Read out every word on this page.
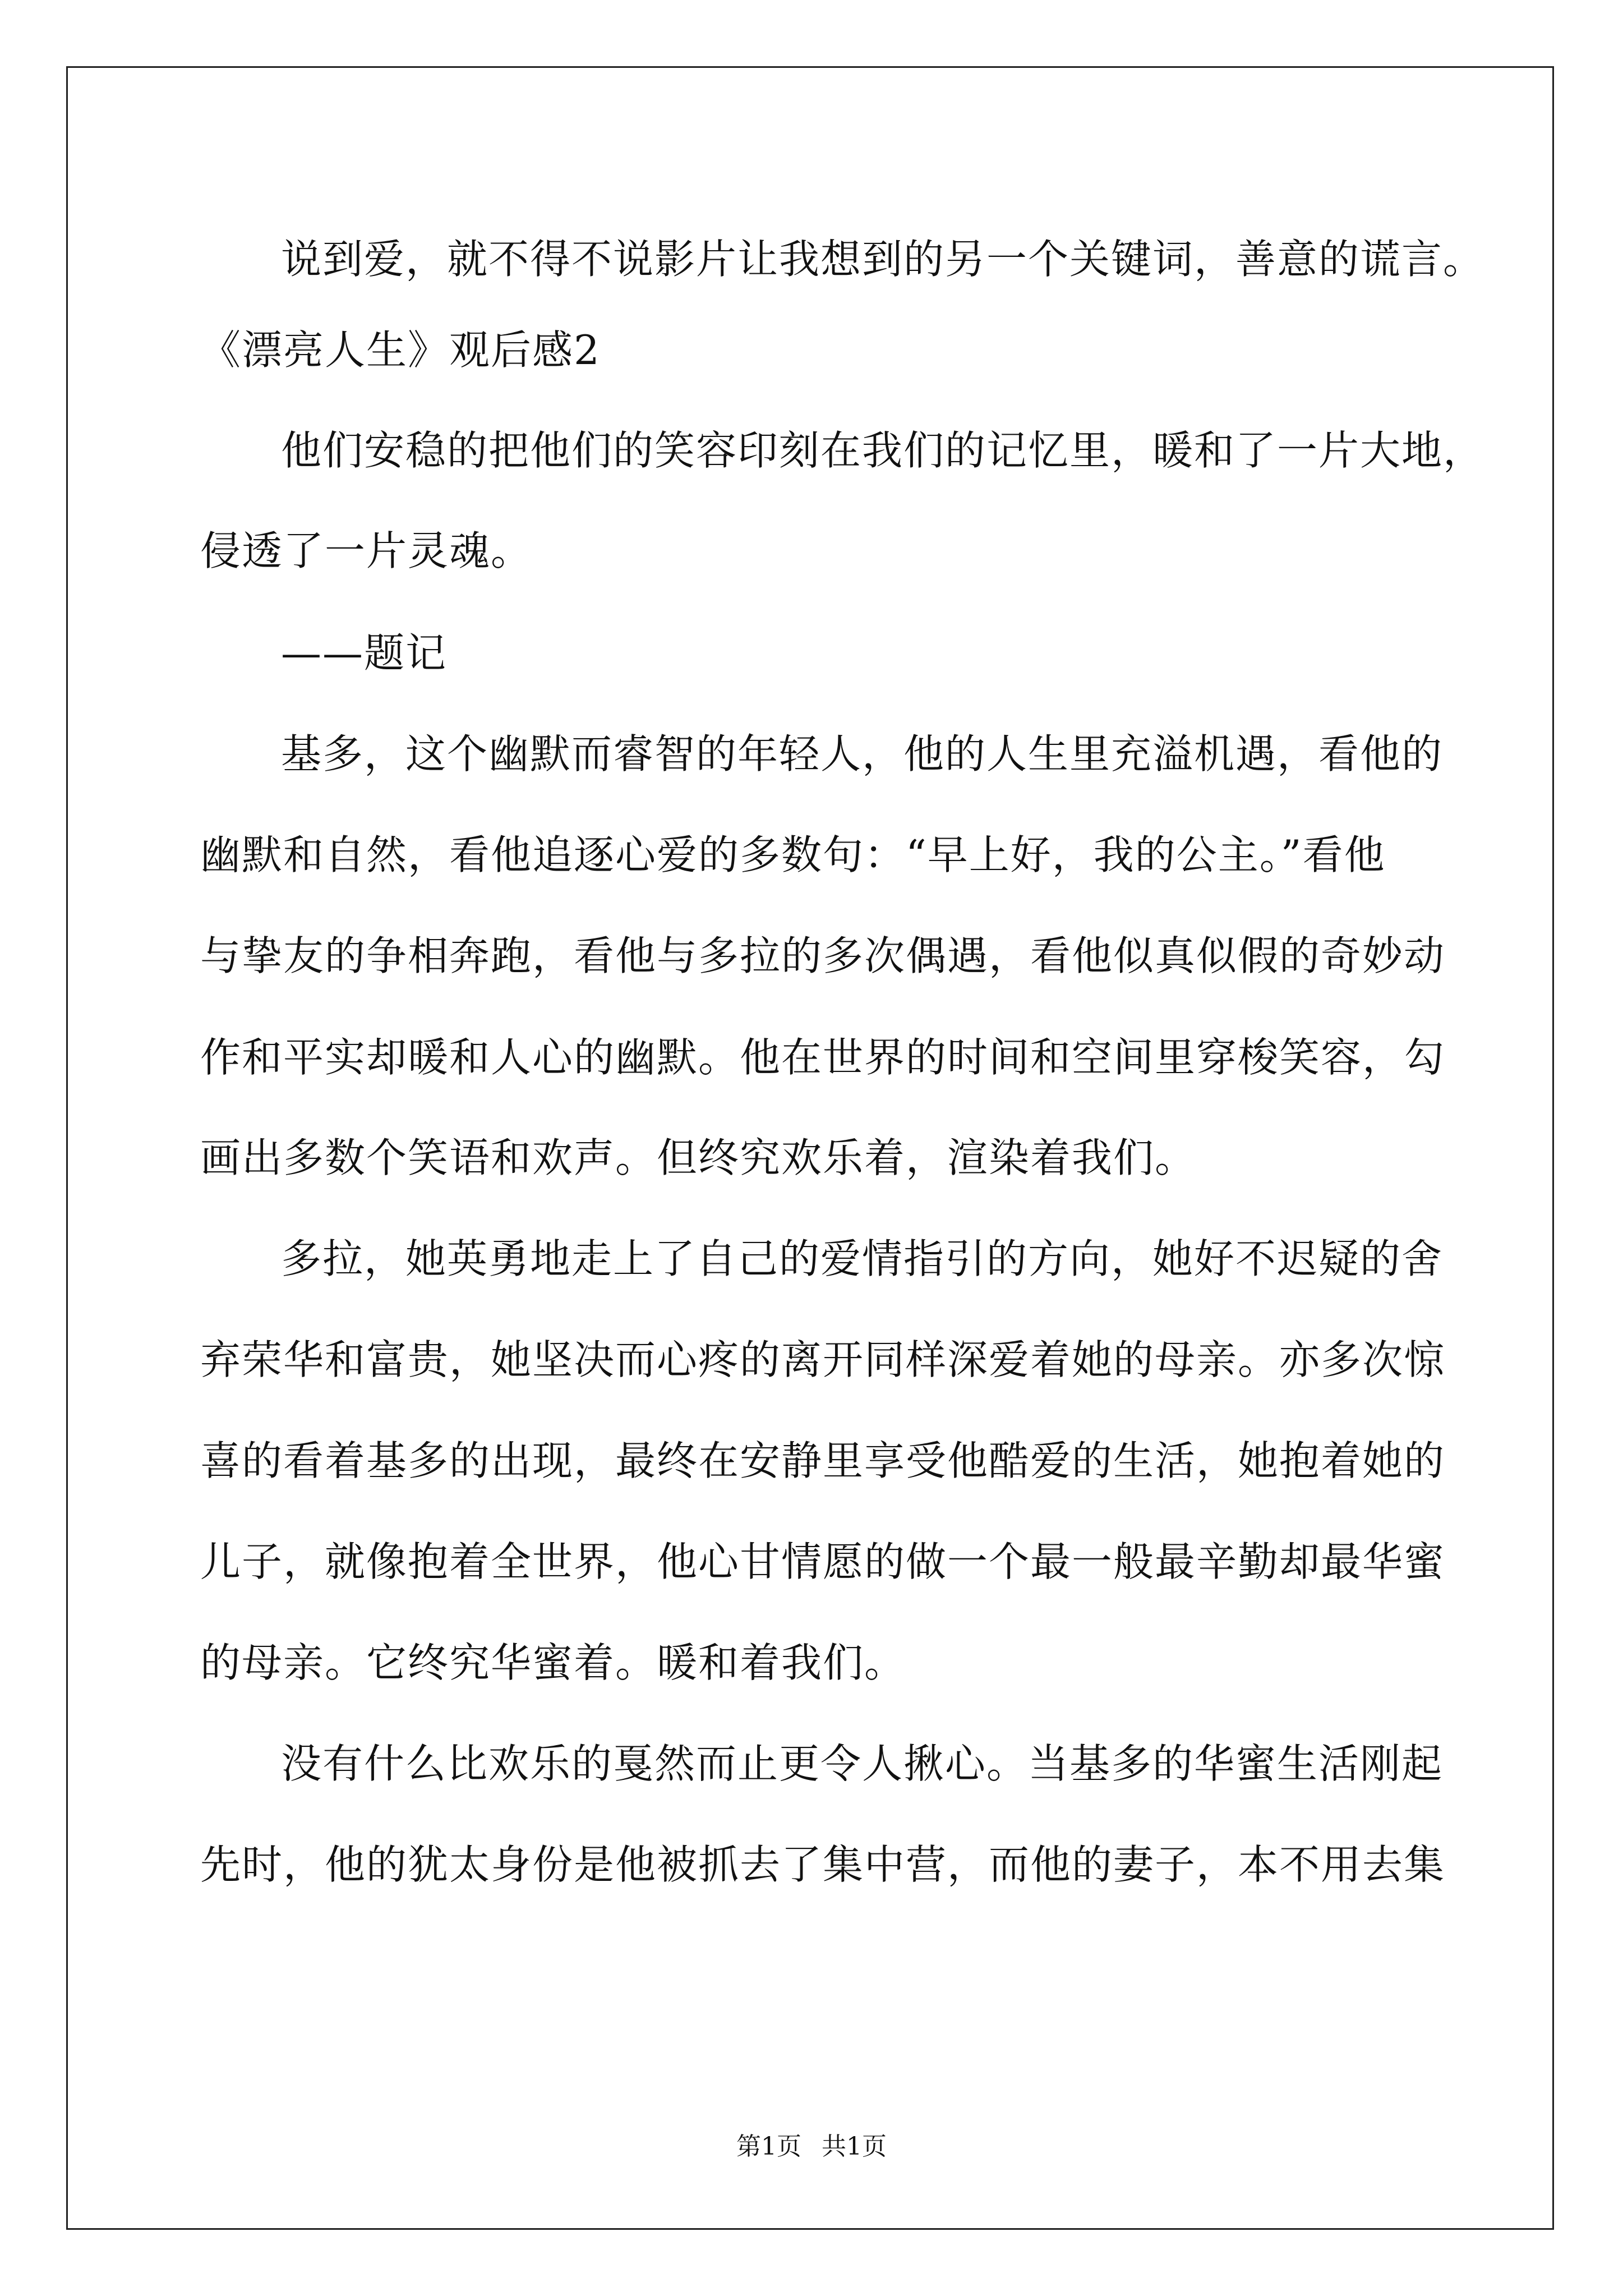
说到爱，就不得不说影片让我想到的另一个关键词，善意的谎言。
《漂亮人生》观后感2
他们安稳的把他们的笑容印刻在我们的记忆里，暖和了一片大地，
侵透了一片灵魂。
——题记
基多，这个幽默而睿智的年轻人，他的人生里充溢机遇，看他的
幽默和自然，看他追逐心爱的多数句：“早上好，我的公主。”看他
与挚友的争相奔跑，看他与多拉的多次偶遇，看他似真似假的奇妙动
作和平实却暖和人心的幽默。他在世界的时间和空间里穿梭笑容，勾
画出多数个笑语和欢声。但终究欢乐着，渲染着我们。
多拉，她英勇地走上了自己的爱情指引的方向，她好不迟疑的舍
弃荣华和富贵，她坚决而心疼的离开同样深爱着她的母亲。亦多次惊
喜的看着基多的出现，最终在安静里享受他酷爱的生活，她抱着她的
儿子，就像抱着全世界，他心甘情愿的做一个最一般最辛勤却最华蜜
的母亲。它终究华蜜着。暖和着我们。
没有什么比欢乐的戛然而止更令人揪心。当基多的华蜜生活刚起
先时，他的犹太身份是他被抓去了集中营，而他的妻子，本不用去集
第1页 共1页
